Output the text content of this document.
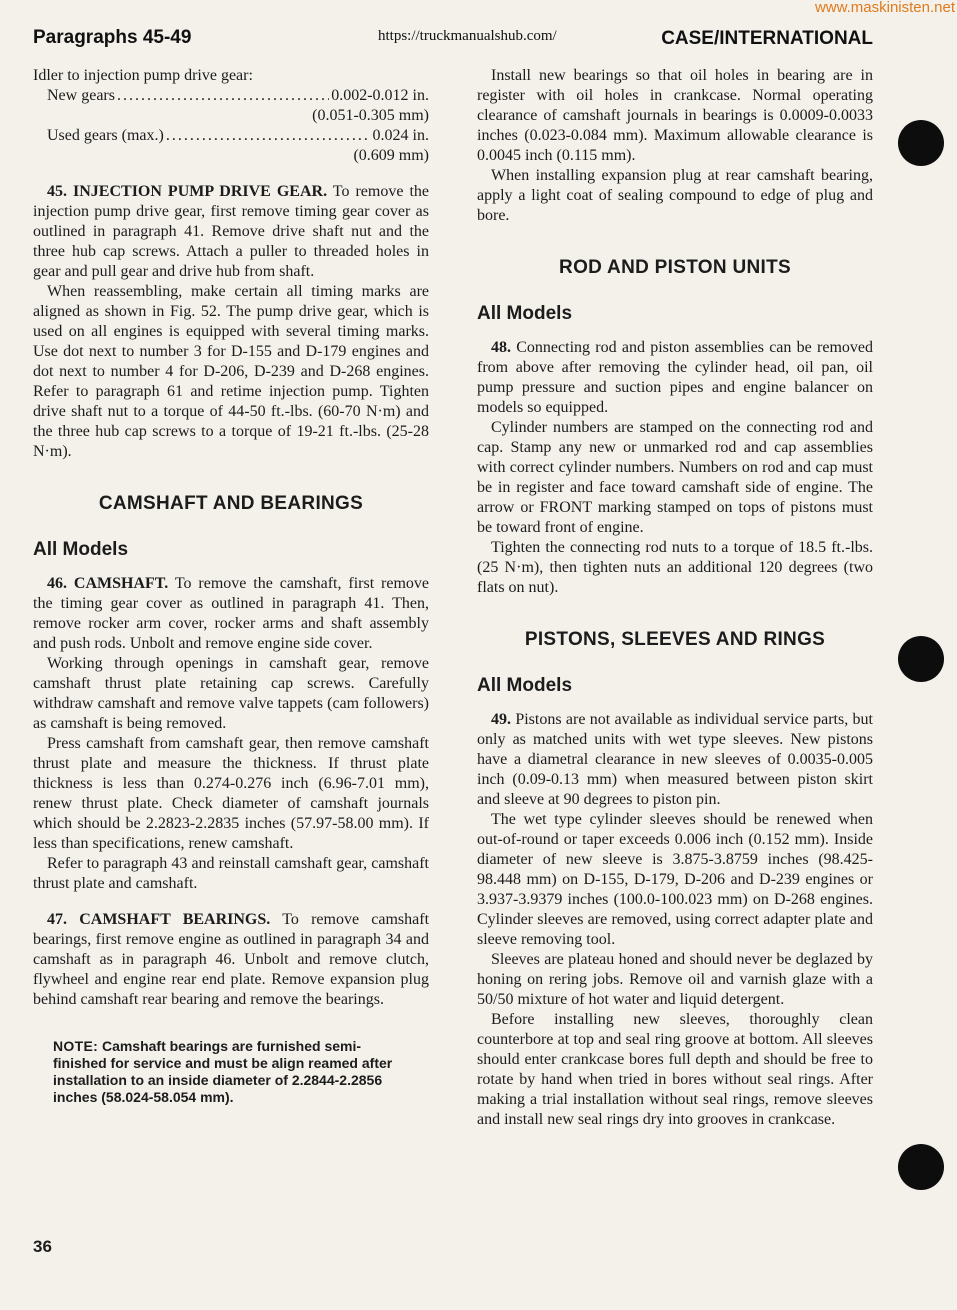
www.maskinisten.net
Paragraphs 45-49	https://truckmanualshub.com/	CASE/INTERNATIONAL
Idler to injection pump drive gear:
New gears .....	0.002-0.012 in.
(0.051-0.305 mm)
Used gears (max.) .....	0.024 in.
(0.609 mm)

45. INJECTION PUMP DRIVE GEAR. To remove the injection pump drive gear, first remove timing gear cover as outlined in paragraph 41. Remove drive shaft nut and the three hub cap screws. Attach a puller to threaded holes in gear and pull gear and drive hub from shaft.

When reassembling, make certain all timing marks are aligned as shown in Fig. 52. The pump drive gear, which is used on all engines is equipped with several timing marks. Use dot next to number 3 for D-155 and D-179 engines and dot next to number 4 for D-206, D-239 and D-268 engines. Refer to paragraph 61 and retime injection pump. Tighten drive shaft nut to a torque of 44-50 ft.-lbs. (60-70 N·m) and the three hub cap screws to a torque of 19-21 ft.-lbs. (25-28 N·m).

CAMSHAFT AND BEARINGS
All Models

46. CAMSHAFT. To remove the camshaft, first remove the timing gear cover as outlined in paragraph 41. Then, remove rocker arm cover, rocker arms and shaft assembly and push rods. Unbolt and remove engine side cover.

Working through openings in camshaft gear, remove camshaft thrust plate retaining cap screws. Carefully withdraw camshaft and remove valve tappets (cam followers) as camshaft is being removed.

Press camshaft from camshaft gear, then remove camshaft thrust plate and measure the thickness. If thrust plate thickness is less than 0.274-0.276 inch (6.96-7.01 mm), renew thrust plate. Check diameter of camshaft journals which should be 2.2823-2.2835 inches (57.97-58.00 mm). If less than specifications, renew camshaft.

Refer to paragraph 43 and reinstall camshaft gear, camshaft thrust plate and camshaft.

47. CAMSHAFT BEARINGS. To remove camshaft bearings, first remove engine as outlined in paragraph 34 and camshaft as in paragraph 46. Unbolt and remove clutch, flywheel and engine rear end plate. Remove expansion plug behind camshaft rear bearing and remove the bearings.

NOTE: Camshaft bearings are furnished semi-finished for service and must be align reamed after installation to an inside diameter of 2.2844-2.2856 inches (58.024-58.054 mm).

Install new bearings so that oil holes in bearing are in register with oil holes in crankcase. Normal operating clearance of camshaft journals in bearings is 0.0009-0.0033 inches (0.023-0.084 mm). Maximum allowable clearance is 0.0045 inch (0.115 mm).

When installing expansion plug at rear camshaft bearing, apply a light coat of sealing compound to edge of plug and bore.

ROD AND PISTON UNITS
All Models

48. Connecting rod and piston assemblies can be removed from above after removing the cylinder head, oil pan, oil pump pressure and suction pipes and engine balancer on models so equipped.

Cylinder numbers are stamped on the connecting rod and cap. Stamp any new or unmarked rod and cap assemblies with correct cylinder numbers. Numbers on rod and cap must be in register and face toward camshaft side of engine. The arrow or FRONT marking stamped on tops of pistons must be toward front of engine.

Tighten the connecting rod nuts to a torque of 18.5 ft.-lbs. (25 N·m), then tighten nuts an additional 120 degrees (two flats on nut).

PISTONS, SLEEVES AND RINGS
All Models

49. Pistons are not available as individual service parts, but only as matched units with wet type sleeves. New pistons have a diametral clearance in new sleeves of 0.0035-0.005 inch (0.09-0.13 mm) when measured between piston skirt and sleeve at 90 degrees to piston pin.

The wet type cylinder sleeves should be renewed when out-of-round or taper exceeds 0.006 inch (0.152 mm). Inside diameter of new sleeve is 3.875-3.8759 inches (98.425-98.448 mm) on D-155, D-179, D-206 and D-239 engines or 3.937-3.9379 inches (100.0-100.023 mm) on D-268 engines. Cylinder sleeves are removed, using correct adapter plate and sleeve removing tool.

Sleeves are plateau honed and should never be deglazed by honing on rering jobs. Remove oil and varnish glaze with a 50/50 mixture of hot water and liquid detergent.

Before installing new sleeves, thoroughly clean counterbore at top and seal ring groove at bottom. All sleeves should enter crankcase bores full depth and should be free to rotate by hand when tried in bores without seal rings. After making a trial installation without seal rings, remove sleeves and install new seal rings dry into grooves in crankcase.

36
